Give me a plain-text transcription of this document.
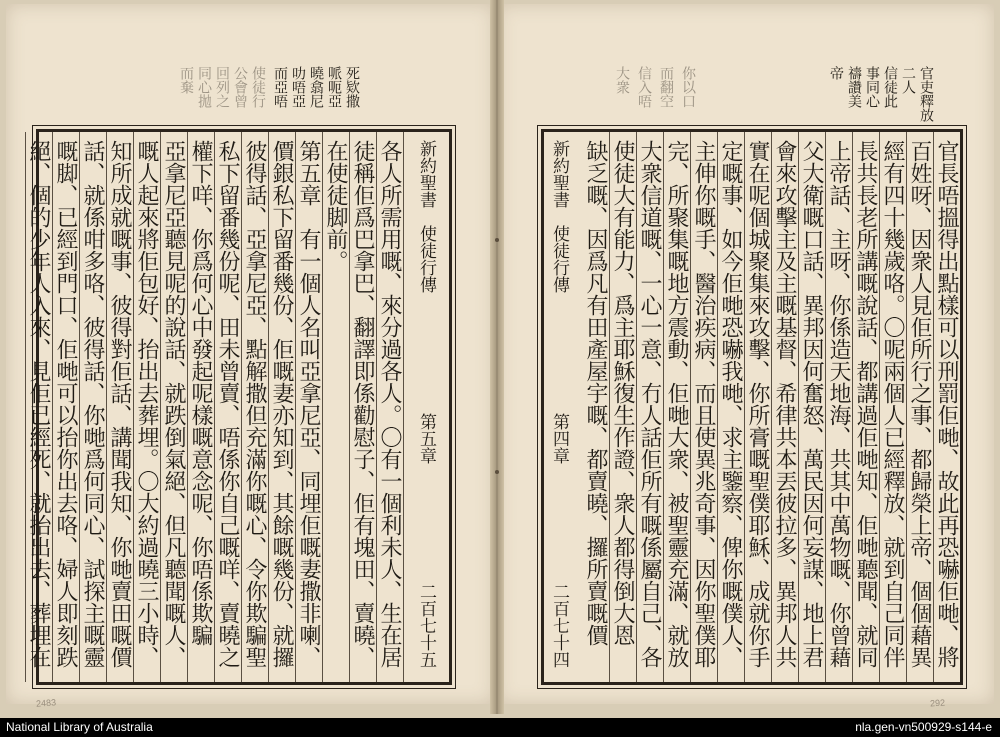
死欵撒
哌呃亞
曉翕尼
叻唔亞
而亞唔
使徒行
公會曾
回列之
同心拋
而棄	官吏釋放
二人
信徒此
事同心
禱讚美
帝
你以口
而翻空
信入唔
大衆
新約聖書　使徒行傳
第五章
二百七十五
各人所需用嘅、來分過各人。〇有一個利未人、生在居
徒稱佢爲巴拿巴、翻譯即係勸慰子、佢有塊田、賣曉、
在使徒脚前。
第五章　有一個人名叫亞拿尼亞、同埋佢嘅妻撒非喇、
價銀私下留番幾份、佢嘅妻亦知到、其餘嘅幾份、就攞
彼得話、亞拿尼亞、點解撒但充滿你嘅心、令你欺騙聖
私下留番幾份呢、田未曾賣、唔係你自己嘅咩、賣曉之
權下咩、你爲何心中發起呢樣嘅意念呢、你唔係欺騙
亞拿尼亞聽見呢的說話、就跌倒氣絕、但凡聽聞嘅人、
嘅人起來將佢包好、抬出去葬埋。〇大約過曉三小時、
知所成就嘅事、彼得對佢話、講聞我知、你哋賣田嘅價
話、就係咁多咯、彼得話、你哋爲何同心、試探主嘅靈
嘅脚、已經到門口、佢哋可以抬你出去咯、婦人即刻跌
絕、個的少年人入來、見佢已經死、就抬出去、葬埋在
官長唔搵得出點樣可以刑罰佢哋、故此再恐嚇佢哋、將
百姓呀、因衆人見佢所行之事、都歸榮上帝、個個藉異
經有四十幾歲咯。〇呢兩個人已經釋放、就到自己同伴
長共長老所講嘅說話、都講過佢哋知、佢哋聽聞、就同
上帝話、主呀、你係造天地海、共其中萬物嘅、你曾藉
父大衛嘅口話、異邦因何奮怒、萬民因何妄謀、地上君
會來攻擊主及主嘅基督、希律共本丟彼拉多、異邦人共
實在呢個城聚集來攻擊、你所膏嘅聖僕耶穌、成就你手
定嘅事、如今佢哋恐嚇我哋、求主鑒察、俾你嘅僕人、
主伸你嘅手、醫治疾病、而且使異兆奇事、因你聖僕耶
完、所聚集嘅地方震動、佢哋大衆、被聖靈充滿、就放
大衆信道嘅、一心一意、冇人話佢所有嘅係屬自己、各
使徒大有能力、爲主耶穌復生作證、衆人都得倒大恩
缺乏嘅、因爲凡有田產屋宇嘅、都賣曉、攞所賣嘅價
新約聖書　使徒行傳
第四章
二百七十四
2483	292
National Library of Australia	nla.gen-vn500929-s144-e
